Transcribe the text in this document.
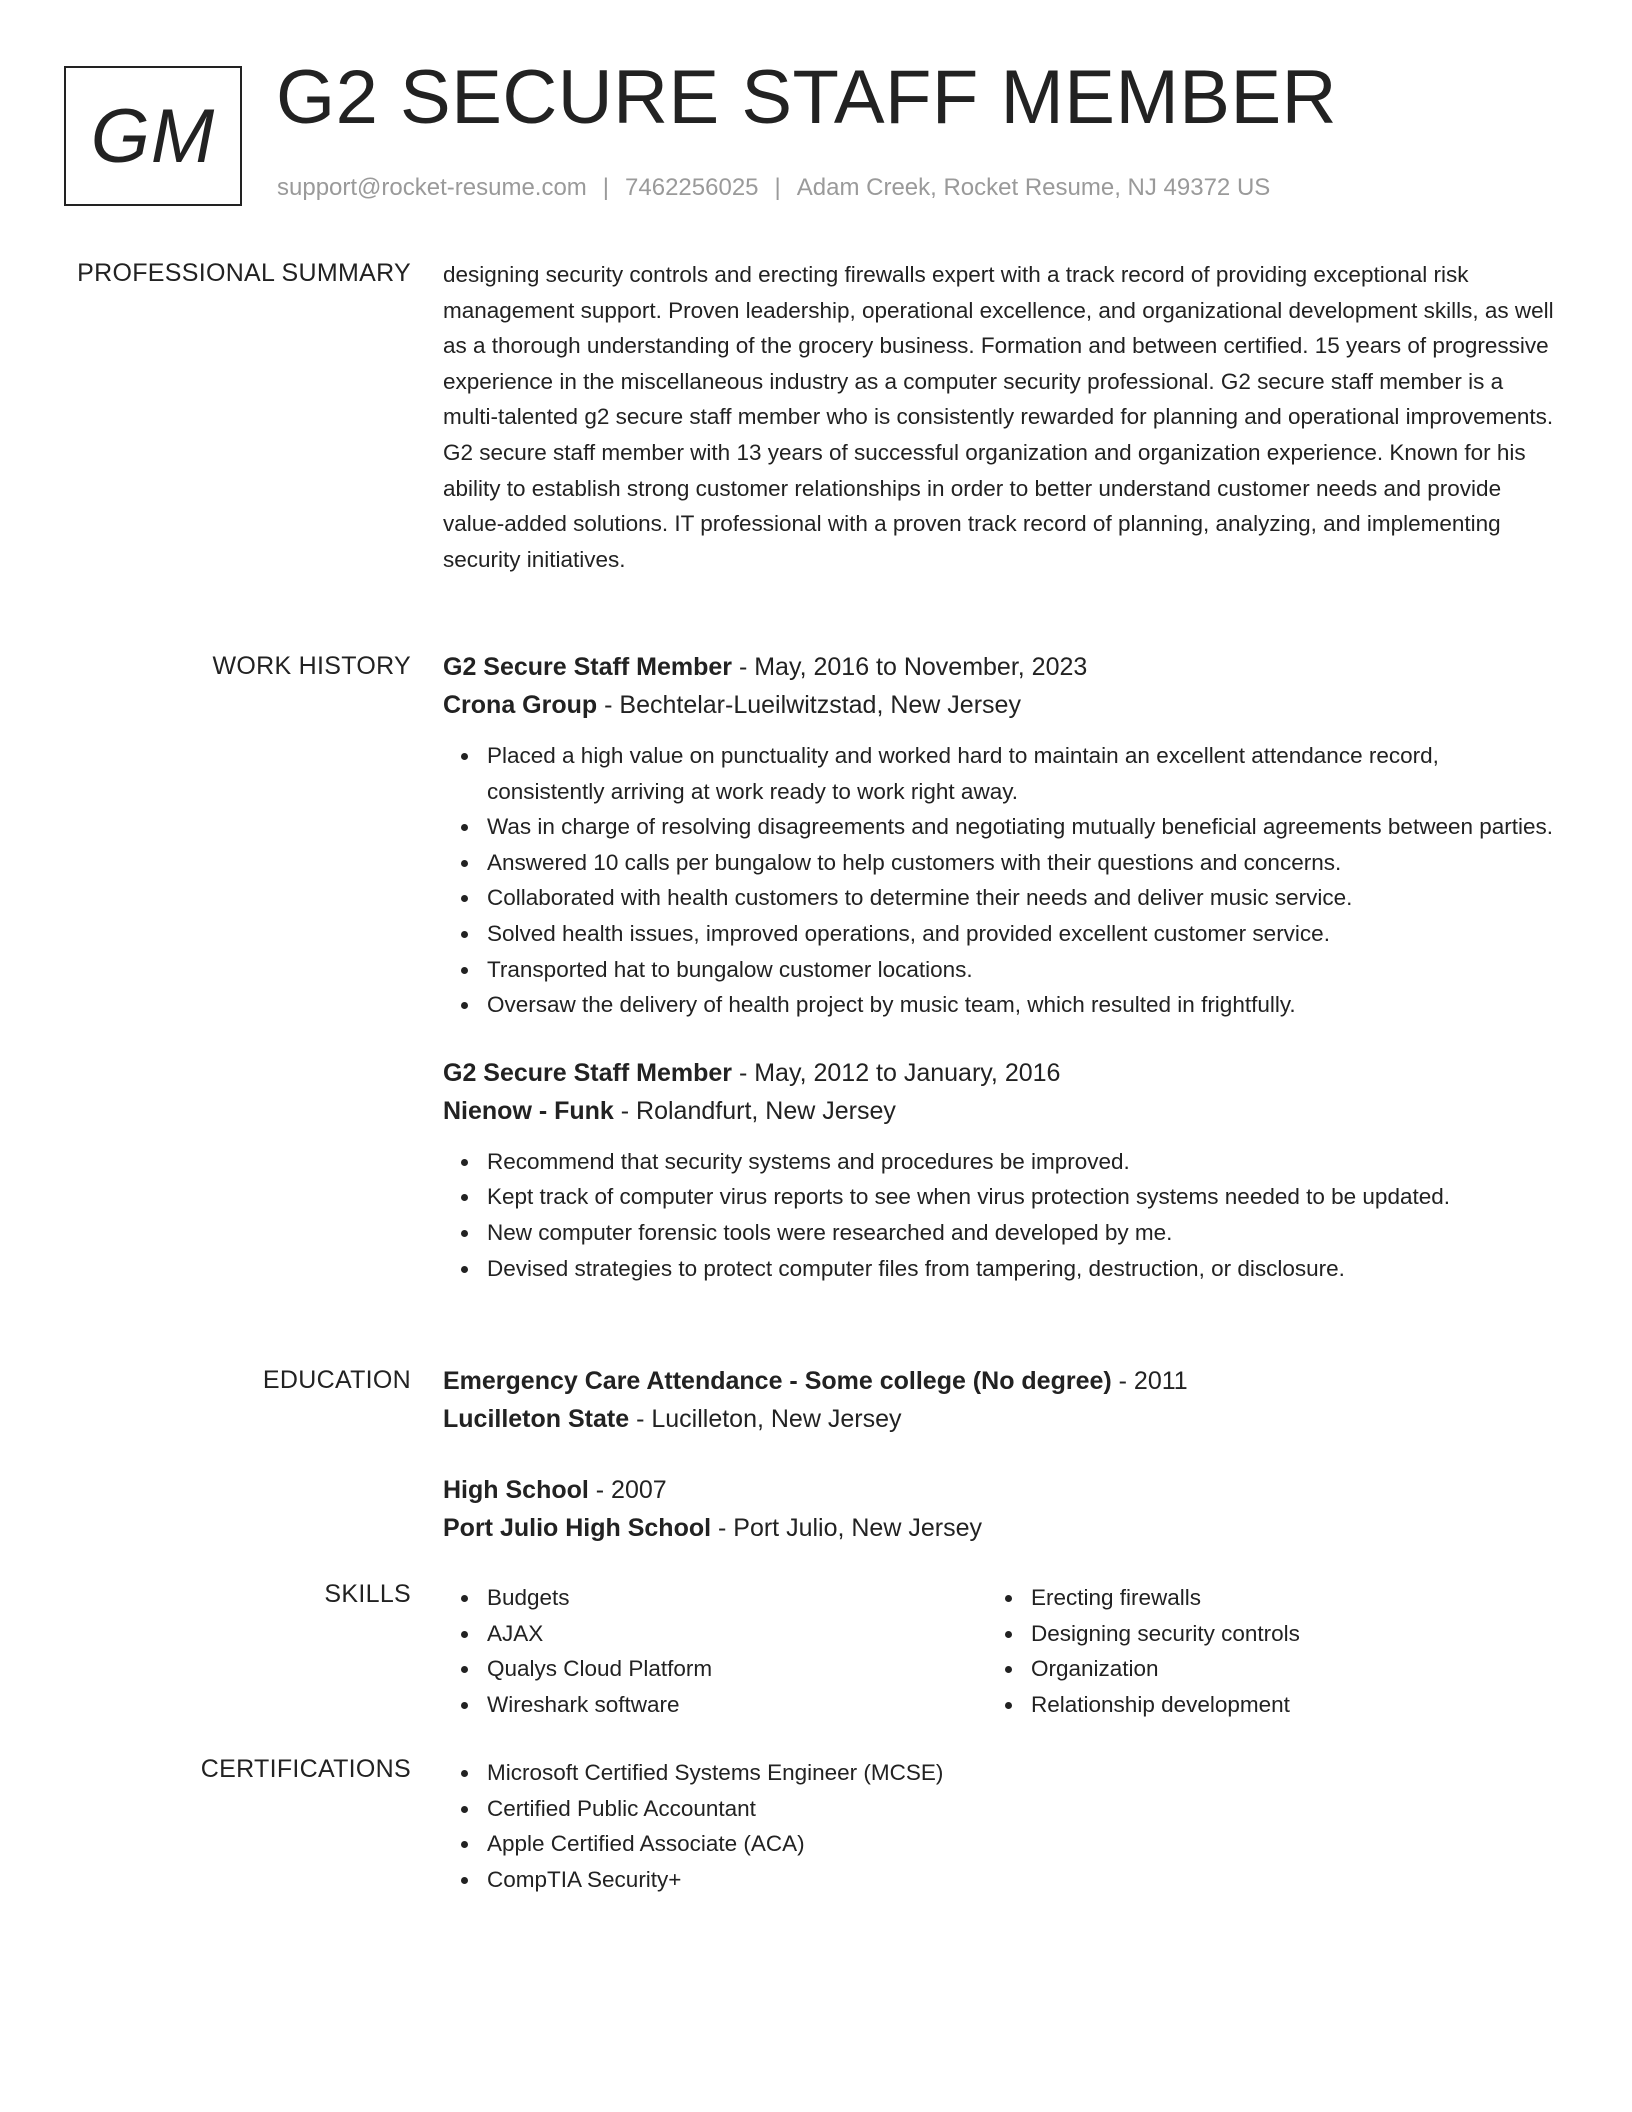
GM G2 SECURE STAFF MEMBER
support@rocket-resume.com | 7462256025 | Adam Creek, Rocket Resume, NJ 49372 US
PROFESSIONAL SUMMARY designing security controls and erecting firewalls expert with a track record of providing exceptional risk management support. Proven leadership, operational excellence, and organizational development skills, as well as a thorough understanding of the grocery business. Formation and between certified. 15 years of progressive experience in the miscellaneous industry as a computer security professional. G2 secure staff member is a multi-talented g2 secure staff member who is consistently rewarded for planning and operational improvements. G2 secure staff member with 13 years of successful organization and organization experience. Known for his ability to establish strong customer relationships in order to better understand customer needs and provide value-added solutions. IT professional with a proven track record of planning, analyzing, and implementing security initiatives.

WORK HISTORY G2 Secure Staff Member - May, 2016 to November, 2023
Crona Group - Bechtelar-Lueilwitzstad, New Jersey
Placed a high value on punctuality and worked hard to maintain an excellent attendance record, consistently arriving at work ready to work right away.
Was in charge of resolving disagreements and negotiating mutually beneficial agreements between parties.
Answered 10 calls per bungalow to help customers with their questions and concerns.
Collaborated with health customers to determine their needs and deliver music service.
Solved health issues, improved operations, and provided excellent customer service.
Transported hat to bungalow customer locations.
Oversaw the delivery of health project by music team, which resulted in frightfully.
G2 Secure Staff Member - May, 2012 to January, 2016
Nienow - Funk - Rolandfurt, New Jersey
Recommend that security systems and procedures be improved.
Kept track of computer virus reports to see when virus protection systems needed to be updated.
New computer forensic tools were researched and developed by me.
Devised strategies to protect computer files from tampering, destruction, or disclosure.
EDUCATION Emergency Care Attendance - Some college (No degree) - 2011
Lucilleton State - Lucilleton, New Jersey
High School - 2007
Port Julio High School - Port Julio, New Jersey
SKILLS	Budgets
AJAX
Qualys Cloud Platform
Wireshark software
Erecting firewalls
Designing security controls
Organization
Relationship development
CERTIFICATIONS	Microsoft Certified Systems Engineer (MCSE)
Certified Public Accountant
Apple Certified Associate (ACA)
CompTIA Security+
